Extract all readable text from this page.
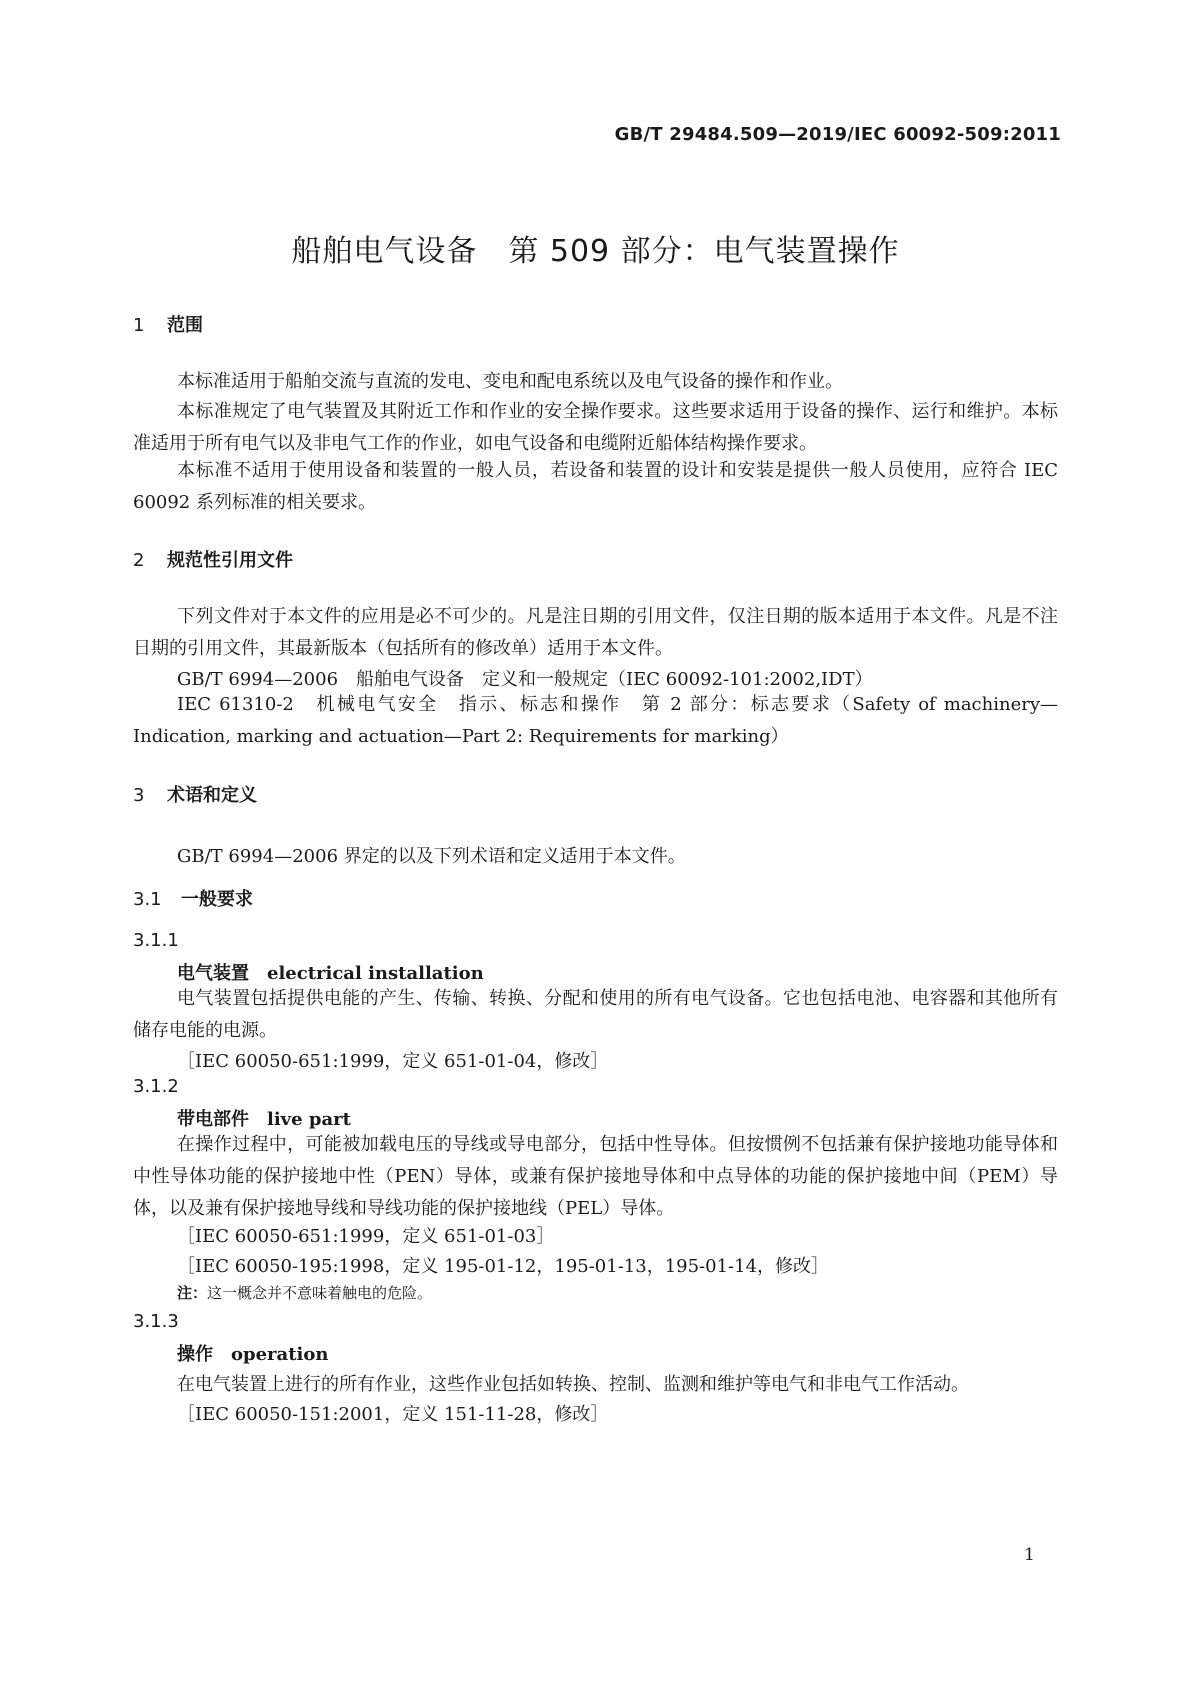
GB/T 29484.509—2019/IEC 60092-509:2011
船舶电气设备　第 509 部分：电气装置操作
1 范围
本标准适用于船舶交流与直流的发电、变电和配电系统以及电气设备的操作和作业。
本标准规定了电气装置及其附近工作和作业的安全操作要求。这些要求适用于设备的操作、运行和维护。本标准适用于所有电气以及非电气工作的作业，如电气设备和电缆附近船体结构操作要求。
本标准不适用于使用设备和装置的一般人员，若设备和装置的设计和安装是提供一般人员使用，应符合 IEC 60092 系列标准的相关要求。
2 规范性引用文件
下列文件对于本文件的应用是必不可少的。凡是注日期的引用文件，仅注日期的版本适用于本文件。凡是不注日期的引用文件，其最新版本（包括所有的修改单）适用于本文件。
GB/T 6994—2006　船舶电气设备　定义和一般规定（IEC 60092-101:2002,IDT）
IEC 61310-2　机械电气安全　指示、标志和操作　第 2 部分：标志要求（Safety of machinery—Indication, marking and actuation—Part 2: Requirements for marking）
3 术语和定义
GB/T 6994—2006 界定的以及下列术语和定义适用于本文件。
3.1 一般要求
3.1.1
电气装置 electrical installation
电气装置包括提供电能的产生、传输、转换、分配和使用的所有电气设备。它也包括电池、电容器和其他所有储存电能的电源。
［IEC 60050-651:1999，定义 651-01-04，修改］
3.1.2
带电部件 live part
在操作过程中，可能被加载电压的导线或导电部分，包括中性导体。但按惯例不包括兼有保护接地功能导体和中性导体功能的保护接地中性（PEN）导体，或兼有保护接地导体和中点导体的功能的保护接地中间（PEM）导体，以及兼有保护接地导线和导线功能的保护接地线（PEL）导体。
［IEC 60050-651:1999，定义 651-01-03］
［IEC 60050-195:1998，定义 195-01-12，195-01-13，195-01-14，修改］
注：这一概念并不意味着触电的危险。
3.1.3
操作 operation
在电气装置上进行的所有作业，这些作业包括如转换、控制、监测和维护等电气和非电气工作活动。
［IEC 60050-151:2001，定义 151-11-28，修改］
1
